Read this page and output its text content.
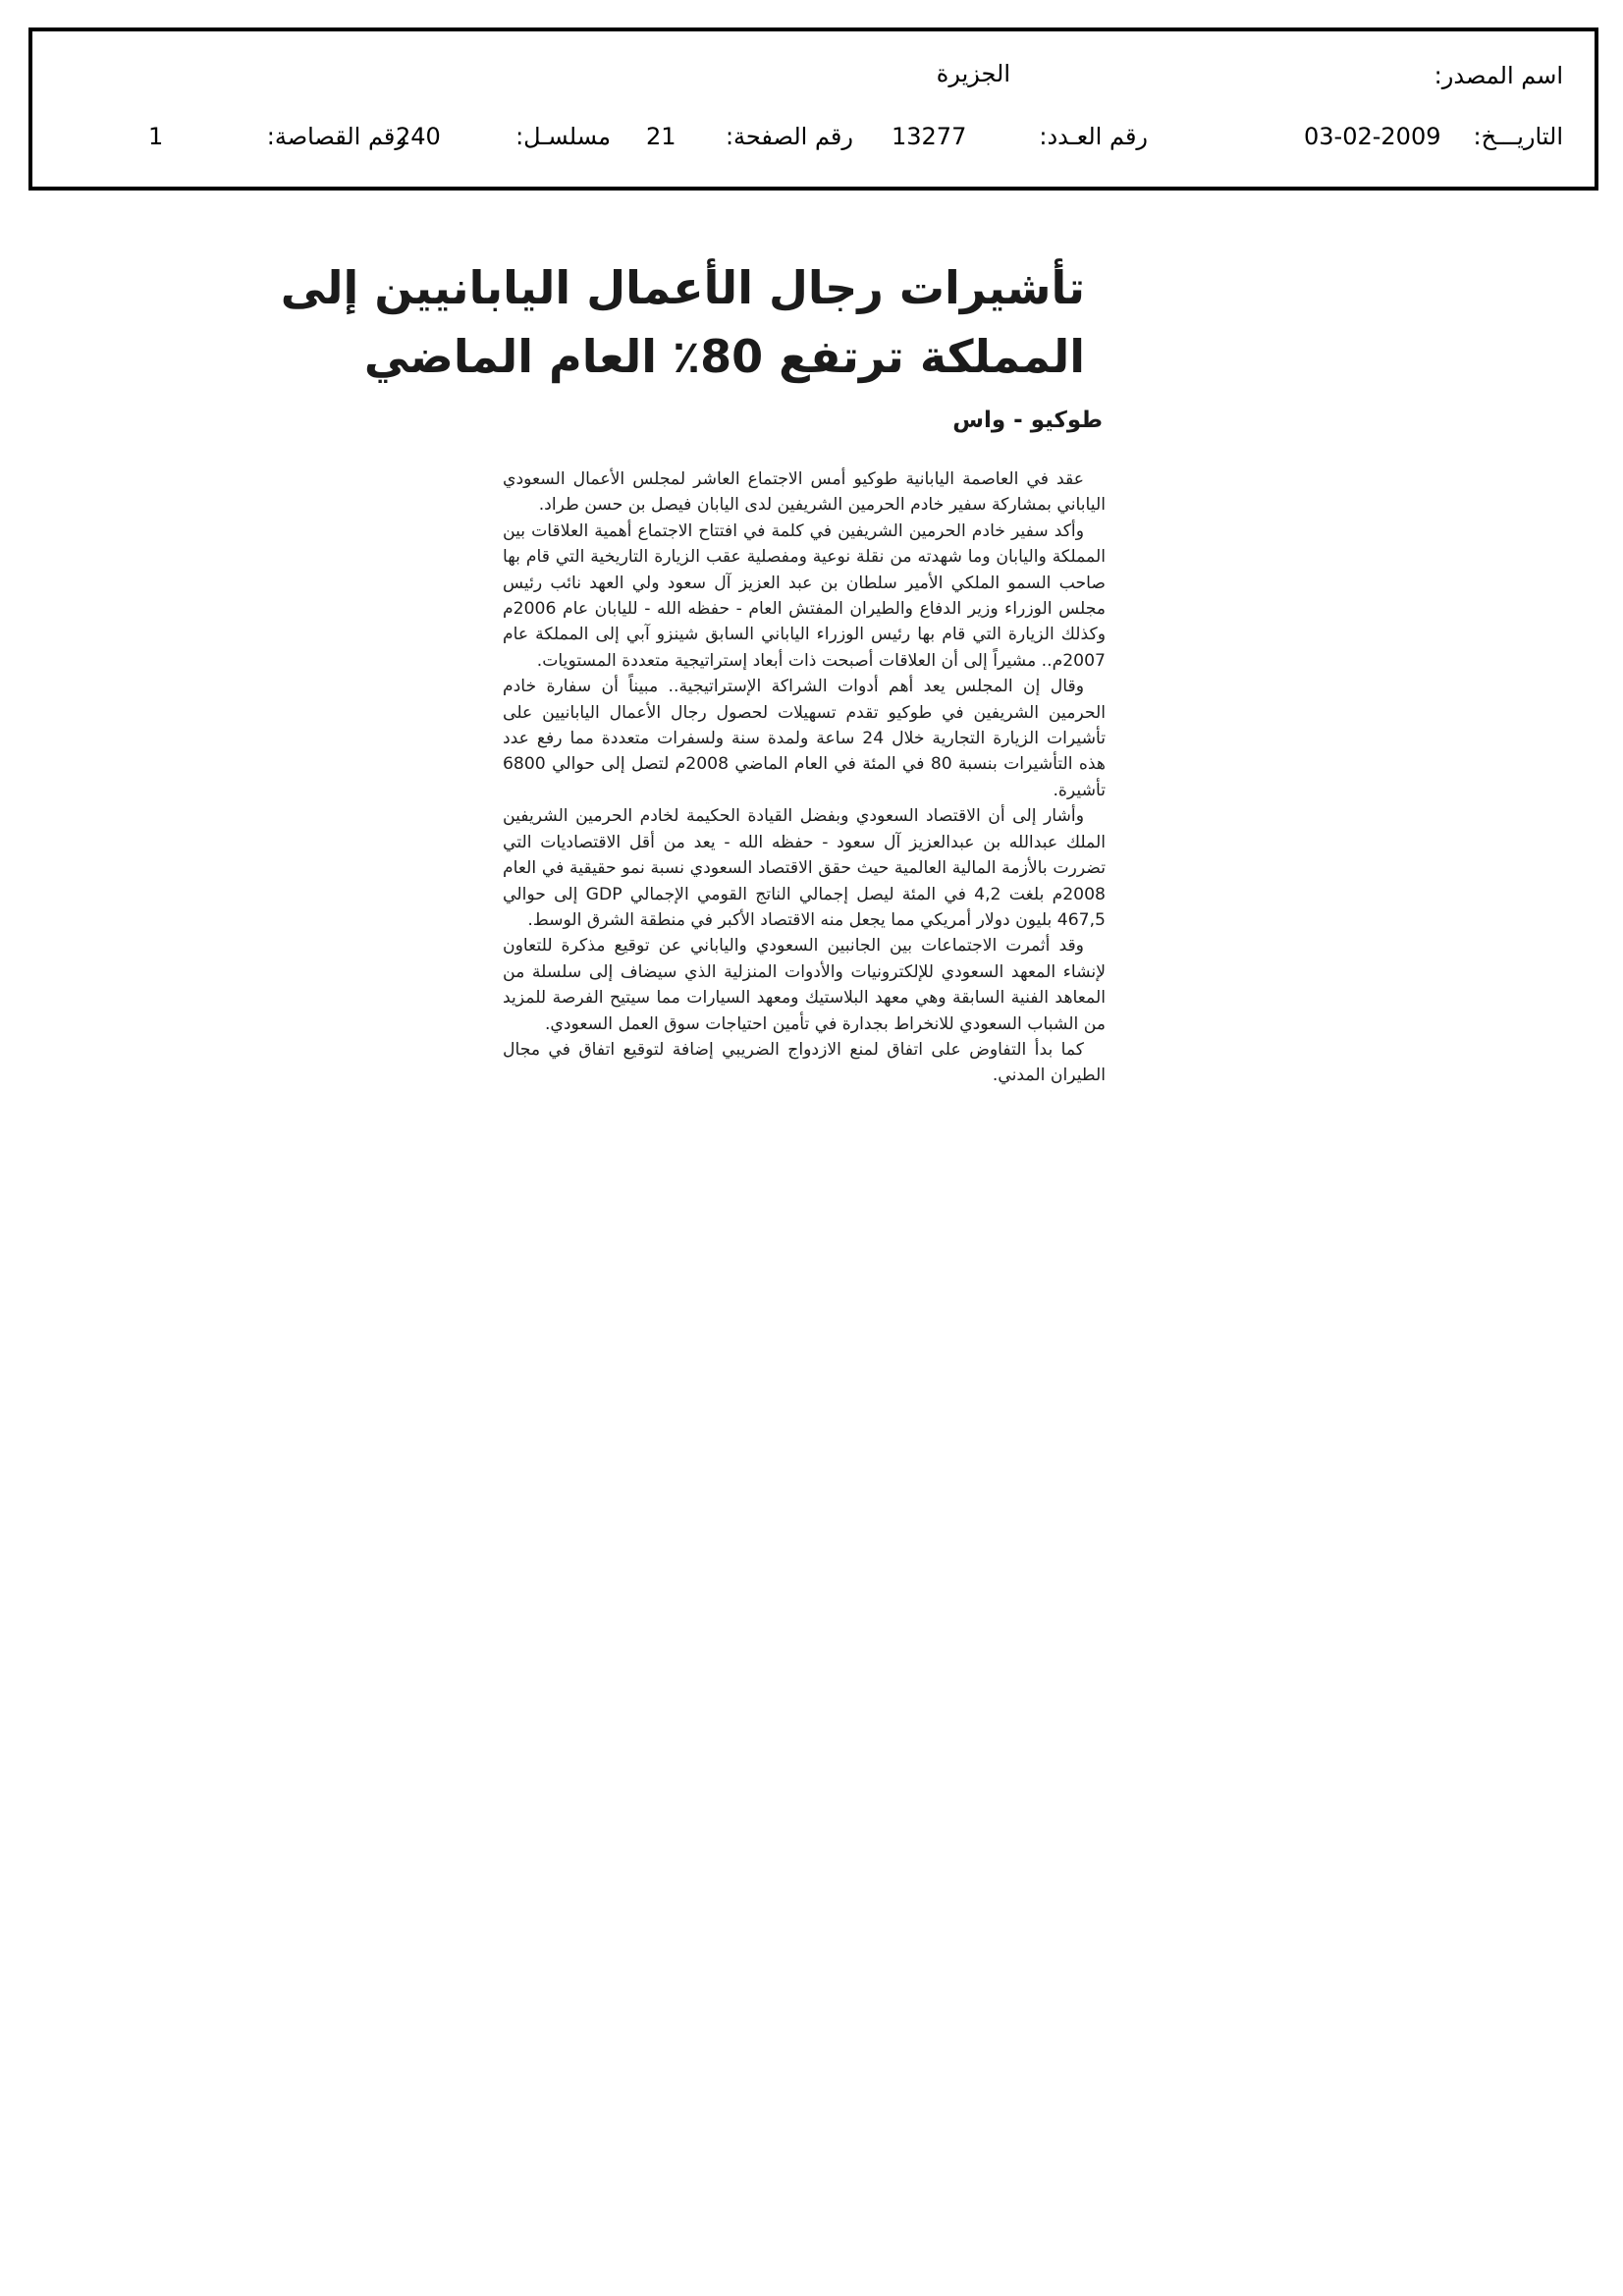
اسم المصدر:
الجزيرة
التاريـــخ:
03-02-2009
رقم العـدد:
13277
رقم الصفحة:
21
مسلسـل:
240
رقم القصاصة:
1
تأشيرات رجال الأعمال اليابانيين إلى
المملكة ترتفع 80٪ العام الماضي
طوكيو - واس

عقد في العاصمة اليابانية طوكيو أمس الاجتماع العاشر لمجلس الأعمال السعودي الياباني بمشاركة سفير خادم الحرمين الشريفين لدى اليابان فيصل بن حسن طراد.

وأكد سفير خادم الحرمين الشريفين في كلمة في افتتاح الاجتماع أهمية العلاقات بين المملكة واليابان وما شهدته من نقلة نوعية ومفصلية عقب الزيارة التاريخية التي قام بها صاحب السمو الملكي الأمير سلطان بن عبد العزيز آل سعود ولي العهد نائب رئيس مجلس الوزراء وزير الدفاع والطيران المفتش العام - حفظه الله - لليابان عام 2006م وكذلك الزيارة التي قام بها رئيس الوزراء الياباني السابق شينزو آبي إلى المملكة عام 2007م.. مشيراً إلى أن العلاقات أصبحت ذات أبعاد إستراتيجية متعددة المستويات.

وقال إن المجلس يعد أهم أدوات الشراكة الإستراتيجية.. مبيناً أن سفارة خادم الحرمين الشريفين في طوكيو تقدم تسهيلات لحصول رجال الأعمال اليابانيين على تأشيرات الزيارة التجارية خلال 24 ساعة ولمدة سنة ولسفرات متعددة مما رفع عدد هذه التأشيرات بنسبة 80 في المئة في العام الماضي 2008م لتصل إلى حوالي 6800 تأشيرة.

وأشار إلى أن الاقتصاد السعودي وبفضل القيادة الحكيمة لخادم الحرمين الشريفين الملك عبدالله بن عبدالعزيز آل سعود - حفظه الله - يعد من أقل الاقتصاديات التي تضررت بالأزمة المالية العالمية حيث حقق الاقتصاد السعودي نسبة نمو حقيقية في العام 2008م بلغت 4,2 في المئة ليصل إجمالي الناتج القومي الإجمالي GDP إلى حوالي 467,5 بليون دولار أمريكي مما يجعل منه الاقتصاد الأكبر في منطقة الشرق الوسط.

وقد أثمرت الاجتماعات بين الجانبين السعودي والياباني عن توقيع مذكرة للتعاون لإنشاء المعهد السعودي للإلكترونيات والأدوات المنزلية الذي سيضاف إلى سلسلة من المعاهد الفنية السابقة وهي معهد البلاستيك ومعهد السيارات مما سيتيح الفرصة للمزيد من الشباب السعودي للانخراط بجدارة في تأمين احتياجات سوق العمل السعودي.

كما بدأ التفاوض على اتفاق لمنع الازدواج الضريبي إضافة لتوقيع اتفاق في مجال الطيران المدني.
